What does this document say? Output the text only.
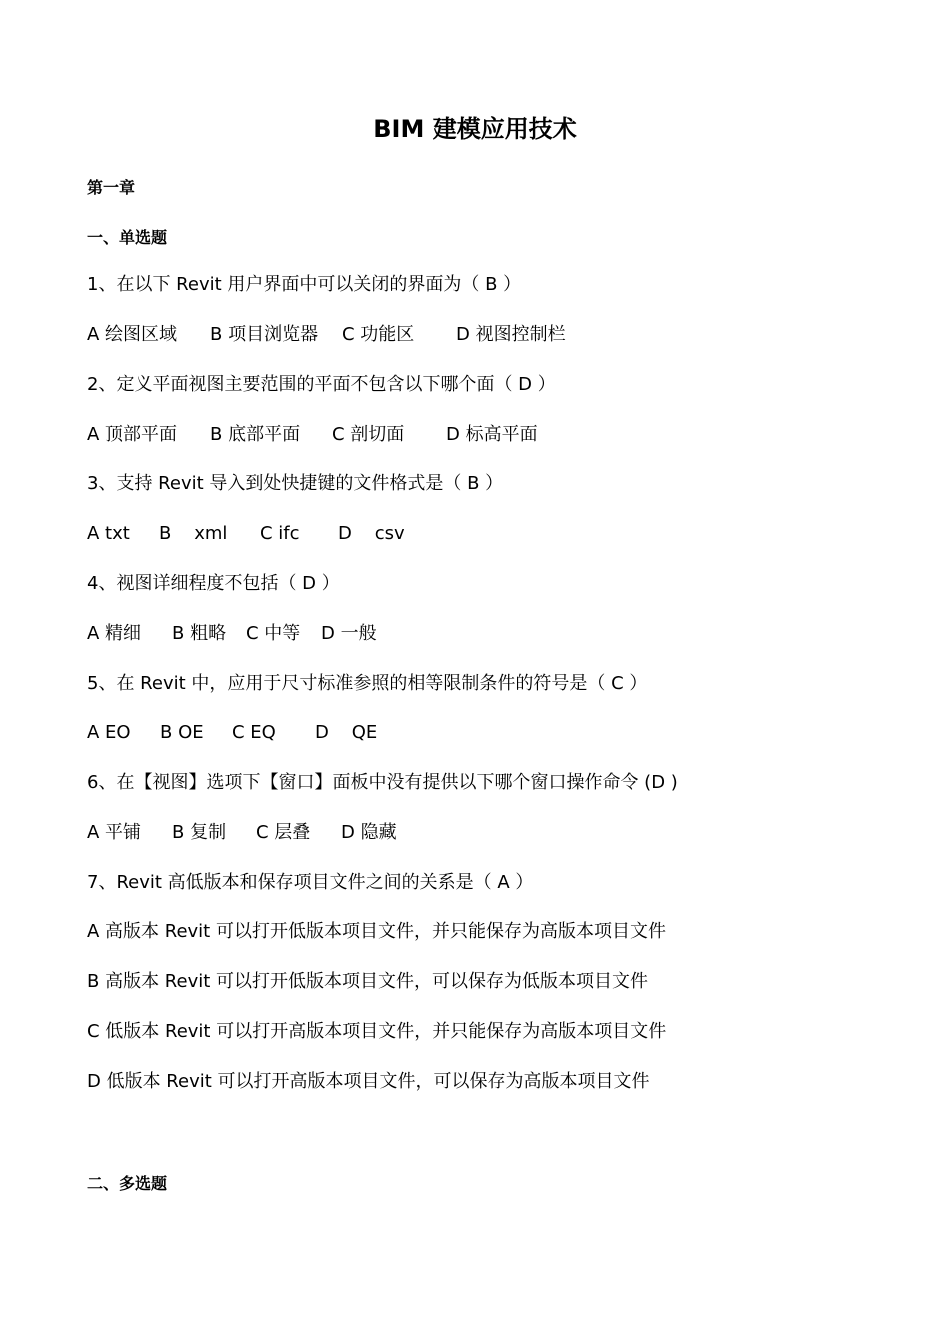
BIM 建模应用技术
第一章
一、单选题
1、在以下 Revit 用户界面中可以关闭的界面为（ B ）
A 绘图区域 B 项目浏览器 C 功能区 D 视图控制栏
2、定义平面视图主要范围的平面不包含以下哪个面（ D ）
A 顶部平面 B 底部平面 C 剖切面 D 标高平面
3、支持 Revit 导入到处快捷键的文件格式是（ B ）
A txt B    xml C ifc D    csv
4、视图详细程度不包括（ D ）
A 精细 B 粗略 C 中等 D 一般
5、在 Revit 中，应用于尺寸标准参照的相等限制条件的符号是（ C ）
A EO B OE C EQ D    QE
6、在【视图】选项下【窗口】面板中没有提供以下哪个窗口操作命令 (D )
A 平铺 B 复制 C 层叠 D 隐藏
7、Revit 高低版本和保存项目文件之间的关系是（ A ）
A 高版本 Revit 可以打开低版本项目文件，并只能保存为高版本项目文件
B 高版本 Revit 可以打开低版本项目文件，可以保存为低版本项目文件
C 低版本 Revit 可以打开高版本项目文件，并只能保存为高版本项目文件
D 低版本 Revit 可以打开高版本项目文件，可以保存为高版本项目文件
二、多选题
